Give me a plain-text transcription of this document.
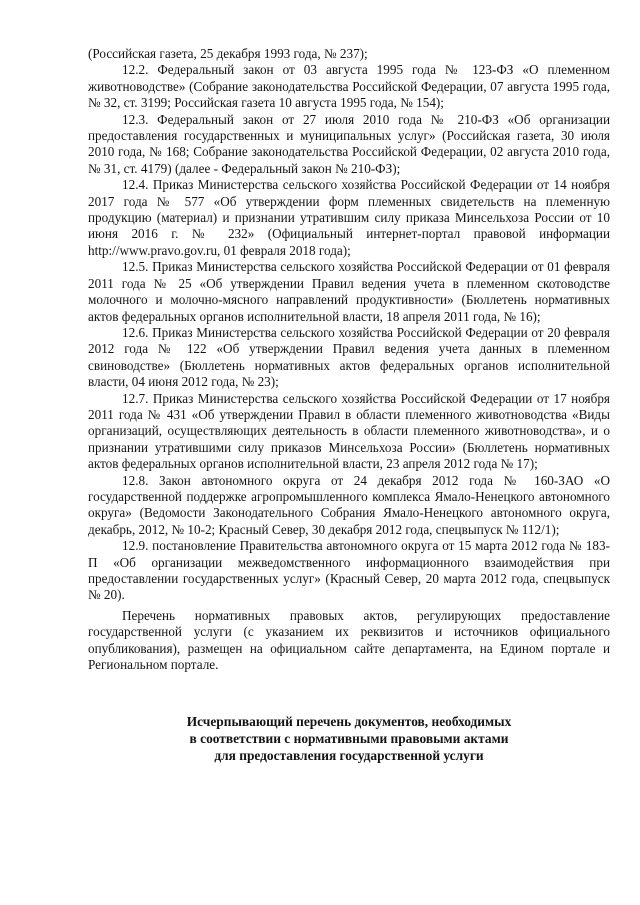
(Российская газета, 25 декабря 1993 года, № 237);

12.2. Федеральный закон от 03 августа 1995 года № 123-ФЗ «О племенном животноводстве» (Собрание законодательства Российской Федерации, 07 августа 1995 года, № 32, ст. 3199; Российская газета 10 августа 1995 года, № 154);

12.3. Федеральный закон от 27 июля 2010 года № 210-ФЗ «Об организации предоставления государственных и муниципальных услуг» (Российская газета, 30 июля 2010 года, № 168; Собрание законодательства Российской Федерации, 02 августа 2010 года, № 31, ст. 4179) (далее - Федеральный закон № 210-ФЗ);

12.4. Приказ Министерства сельского хозяйства Российской Федерации от 14 ноября 2017 года № 577 «Об утверждении форм племенных свидетельств на племенную продукцию (материал) и признании утратившим силу приказа Минсельхоза России от 10 июня 2016 г. № 232» (Официальный интернет-портал правовой информации http://www.pravo.gov.ru, 01 февраля 2018 года);

12.5. Приказ Министерства сельского хозяйства Российской Федерации от 01 февраля 2011 года № 25 «Об утверждении Правил ведения учета в племенном скотоводстве молочного и молочно-мясного направлений продуктивности» (Бюллетень нормативных актов федеральных органов исполнительной власти, 18 апреля 2011 года, № 16);

12.6. Приказ Министерства сельского хозяйства Российской Федерации от 20 февраля 2012 года № 122 «Об утверждении Правил ведения учета данных в племенном свиноводстве» (Бюллетень нормативных актов федеральных органов исполнительной власти, 04 июня 2012 года, № 23);

12.7. Приказ Министерства сельского хозяйства Российской Федерации от 17 ноября 2011 года № 431 «Об утверждении Правил в области племенного животноводства «Виды организаций, осуществляющих деятельность в области племенного животноводства», и о признании утратившими силу приказов Минсельхоза России» (Бюллетень нормативных актов федеральных органов исполнительной власти, 23 апреля 2012 года № 17);

12.8. Закон автономного округа от 24 декабря 2012 года № 160-ЗАО «О государственной поддержке агропромышленного комплекса Ямало-Ненецкого автономного округа» (Ведомости Законодательного Собрания Ямало-Ненецкого автономного округа, декабрь, 2012, № 10-2; Красный Север, 30 декабря 2012 года, спецвыпуск № 112/1);

12.9. постановление Правительства автономного округа от 15 марта 2012 года № 183-П «Об организации межведомственного информационного взаимодействия при предоставлении государственных услуг» (Красный Север, 20 марта 2012 года, спецвыпуск № 20).

Перечень нормативных правовых актов, регулирующих предоставление государственной услуги (с указанием их реквизитов и источников официального опубликования), размещен на официальном сайте департамента, на Едином портале и Региональном портале.

Исчерпывающий перечень документов, необходимых
в соответствии с нормативными правовыми актами
для предоставления государственной услуги
